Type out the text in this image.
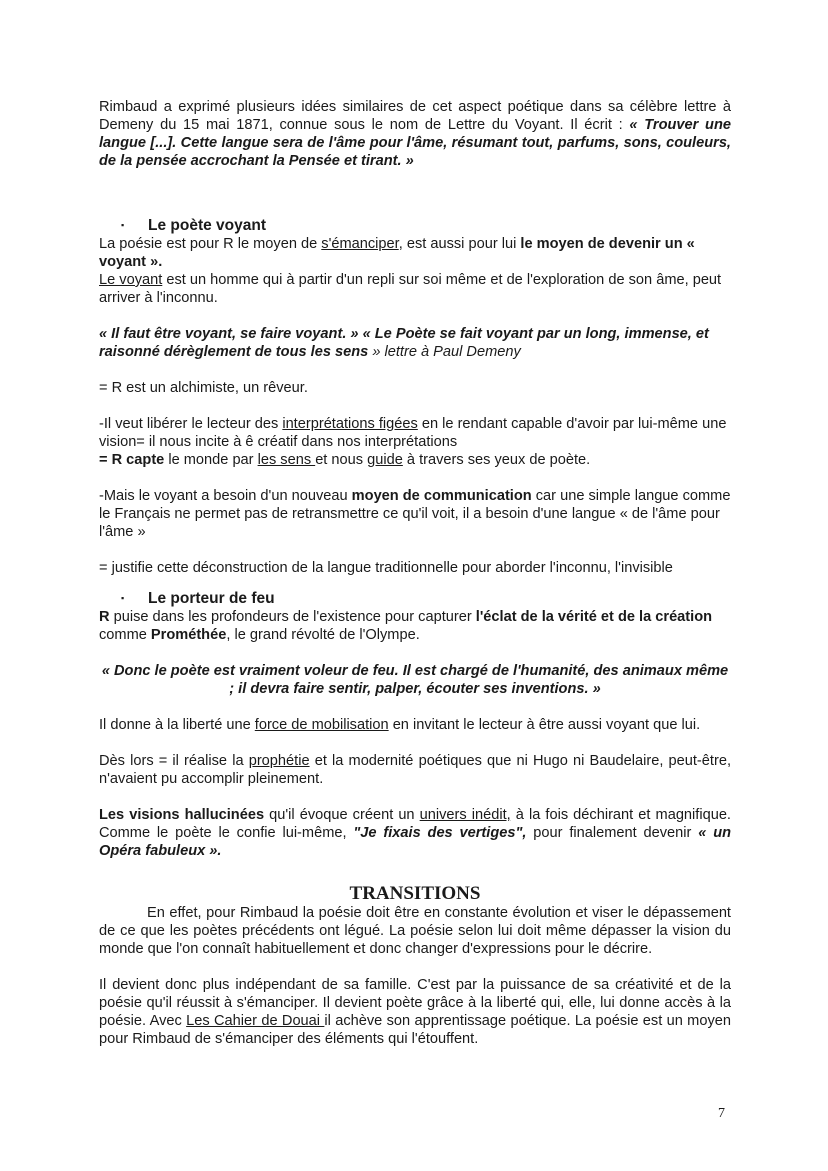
Rimbaud a exprimé plusieurs idées similaires de cet aspect poétique dans sa célèbre lettre à Demeny du 15 mai 1871, connue sous le nom de Lettre du Voyant. Il écrit : « Trouver une langue [...]. Cette langue sera de l'âme pour l'âme, résumant tout, parfums, sons, couleurs, de la pensée accrochant la Pensée et tirant. »

▪ Le poète voyant

La poésie est pour R le moyen de s'émanciper, est aussi pour lui le moyen de devenir un « voyant ».

Le voyant est un homme qui à partir d'un repli sur soi même et de l'exploration de son âme, peut arriver à l'inconnu.

« Il faut être voyant, se faire voyant. » « Le Poète se fait voyant par un long, immense, et raisonné dérèglement de tous les sens » lettre à Paul Demeny

= R est un alchimiste, un rêveur.

-Il veut libérer le lecteur des interprétations figées en le rendant capable d'avoir par lui-même une vision= il nous incite à ê créatif dans nos interprétations

= R capte le monde par les sens et nous guide à travers ses yeux de poète.

-Mais le voyant a besoin d'un nouveau moyen de communication car une simple langue comme le Français ne permet pas de retransmettre ce qu'il voit, il a besoin d'une langue « de l'âme pour l'âme »

= justifie cette déconstruction de la langue traditionnelle pour aborder l'inconnu, l'invisible

▪ Le porteur de feu

R puise dans les profondeurs de l'existence pour capturer l'éclat de la vérité et de la création comme Prométhée, le grand révolté de l'Olympe.

« Donc le poète est vraiment voleur de feu. Il est chargé de l'humanité, des animaux même ; il devra faire sentir, palper, écouter ses inventions. »

Il donne à la liberté une force de mobilisation en invitant le lecteur à être aussi voyant que lui.

Dès lors = il réalise la prophétie et la modernité poétiques que ni Hugo ni Baudelaire, peut-être, n'avaient pu accomplir pleinement.

Les visions hallucinées qu'il évoque créent un univers inédit, à la fois déchirant et magnifique. Comme le poète le confie lui-même, "Je fixais des vertiges", pour finalement devenir « un Opéra fabuleux ».

TRANSITIONS

En effet, pour Rimbaud la poésie doit être en constante évolution et viser le dépassement de ce que les poètes précédents ont légué. La poésie selon lui doit même dépasser la vision du monde que l'on connaît habituellement et donc changer d'expressions pour le décrire.

Il devient donc plus indépendant de sa famille. C'est par la puissance de sa créativité et de la poésie qu'il réussit à s'émanciper. Il devient poète grâce à la liberté qui, elle, lui donne accès à la poésie. Avec Les Cahier de Douai il achève son apprentissage poétique. La poésie est un moyen pour Rimbaud de s'émanciper des éléments qui l'étouffent.

7
